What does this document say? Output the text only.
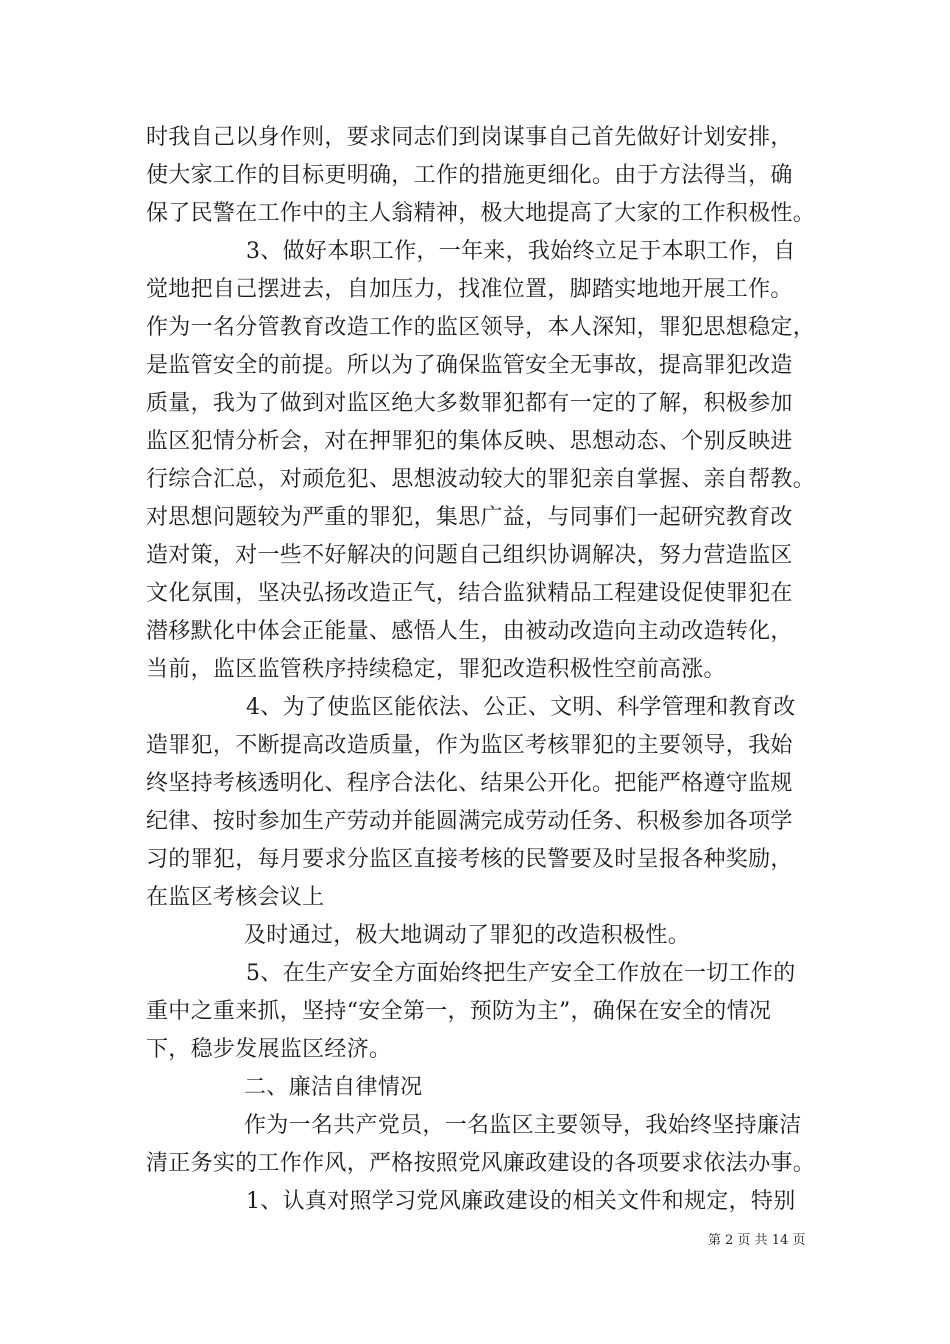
时我自己以身作则，要求同志们到岗谋事自己首先做好计划安排，
使大家工作的目标更明确，工作的措施更细化。由于方法得当，确
保了民警在工作中的主人翁精神，极大地提高了大家的工作积极性。
3、做好本职工作，一年来，我始终立足于本职工作，自
觉地把自己摆进去，自加压力，找准位置，脚踏实地地开展工作。
作为一名分管教育改造工作的监区领导，本人深知，罪犯思想稳定，
是监管安全的前提。所以为了确保监管安全无事故，提高罪犯改造
质量，我为了做到对监区绝大多数罪犯都有一定的了解，积极参加
监区犯情分析会，对在押罪犯的集体反映、思想动态、个别反映进
行综合汇总，对顽危犯、思想波动较大的罪犯亲自掌握、亲自帮教。
对思想问题较为严重的罪犯，集思广益，与同事们一起研究教育改
造对策，对一些不好解决的问题自己组织协调解决，努力营造监区
文化氛围，坚决弘扬改造正气，结合监狱精品工程建设促使罪犯在
潜移默化中体会正能量、感悟人生，由被动改造向主动改造转化，
当前，监区监管秩序持续稳定，罪犯改造积极性空前高涨。
4、为了使监区能依法、公正、文明、科学管理和教育改
造罪犯，不断提高改造质量，作为监区考核罪犯的主要领导，我始
终坚持考核透明化、程序合法化、结果公开化。把能严格遵守监规
纪律、按时参加生产劳动并能圆满完成劳动任务、积极参加各项学
习的罪犯，每月要求分监区直接考核的民警要及时呈报各种奖励，
在监区考核会议上
及时通过，极大地调动了罪犯的改造积极性。
5、在生产安全方面始终把生产安全工作放在一切工作的
重中之重来抓，坚持“安全第一，预防为主”，确保在安全的情况
下，稳步发展监区经济。
二、廉洁自律情况
作为一名共产党员，一名监区主要领导，我始终坚持廉洁
清正务实的工作作风，严格按照党风廉政建设的各项要求依法办事。
1、认真对照学习党风廉政建设的相关文件和规定，特别
第 2 页 共 14 页
